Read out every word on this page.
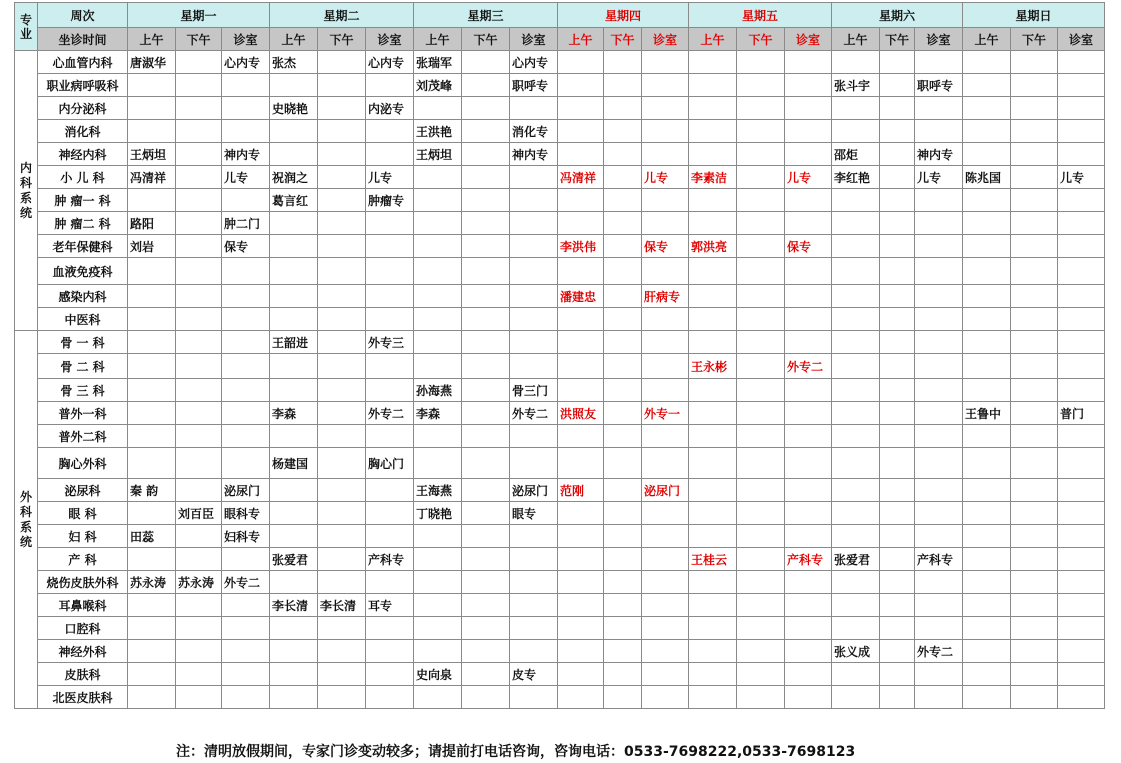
专业	周次	星期一			星期二			星期三			星期四			星期五			星期六			星期日		
	坐诊时间	上午	下午	诊室	上午	下午	诊室	上午	下午	诊室	上午	下午	诊室	上午	下午	诊室	上午	下午	诊室	上午	下午	诊室
内科系统	心血管内科	唐淑华		心内专	张杰		心内专	张瑞军		心内专												
	职业病呼吸科							刘茂峰		职呼专							张斗宇		职呼专			
	内分泌科				史晓艳		内泌专															
	消化科							王洪艳		消化专												
	神经内科	王炳坦		神内专				王炳坦		神内专							邵炬		神内专			
	小 儿 科	冯清祥		儿专	祝润之		儿专				冯清祥		儿专	李素洁		儿专	李红艳		儿专	陈兆国		儿专
	肿 瘤一 科				葛言红		肿瘤专															
	肿 瘤二 科	路阳		肿二门																		
	老年保健科	刘岩		保专							李洪伟		保专	郭洪亮		保专						
	血液免疫科																					
	感染内科										潘建忠		肝病专									
	中医科																					
外科系统	骨 一 科				王韶进		外专三															
	骨 二 科													王永彬		外专二						
	骨 三 科							孙海燕		骨三门												
	普外一科				李森		外专二	李森		外专二	洪照友		外专一							王鲁中		普门
	普外二科																					
	胸心外科				杨建国		胸心门															
	泌尿科	秦 韵		泌尿门				王海燕		泌尿门	范刚		泌尿门									
	眼 科		刘百臣	眼科专				丁晓艳		眼专												
	妇 科	田蕊		妇科专																		
	产 科				张爱君		产科专							王桂云		产科专	张爱君		产科专			
	烧伤皮肤外科	苏永涛	苏永涛	外专二																		
	耳鼻喉科				李长清	李长清	耳专															
	口腔科																					
	神经外科																张义成		外专二			
	皮肤科							史向泉		皮专												
	北医皮肤科																					
注：清明放假期间，专家门诊变动较多；请提前打电话咨询，咨询电话：0533-7698222,0533-7698123
